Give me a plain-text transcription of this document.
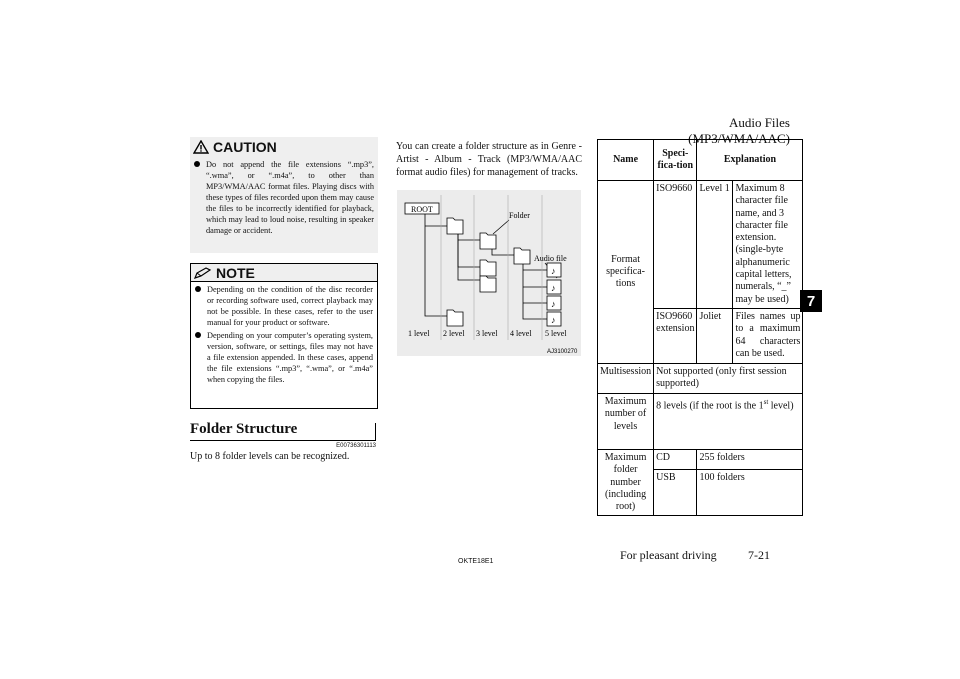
Audio Files (MP3/WMA/AAC)
7
CAUTION
Do not append the file extensions “.mp3”, “.wma”, or “.m4a”, to other than MP3/WMA/AAC format files. Playing discs with these types of files recorded upon them may cause the files to be incorrectly identified for playback, which may lead to loud noise, resulting in speaker damage or accident.
NOTE
Depending on the condition of the disc recorder or recording software used, correct playback may not be possible. In these cases, refer to the user manual for your product or software.
Depending on your computer’s operating system, version, software, or settings, files may not have a file extension appended. In these cases, append the file extensions “.mp3”, “.wma”, or “.m4a” when copying the files.
Folder Structure
E00736301113
Up to 8 folder levels can be recognized.
You can create a folder structure as in Genre - Artist - Album - Track (MP3/WMA/AAC format audio files) for management of tracks.
ROOT
Folder
Audio file
♪
♪
♪
♪
1 level 2 level 3 level 4 level 5 level
AJ3100270
Name	Speci-fica-tion	Explanation	
Format specifica-tions	ISO9660	Level 1	Maximum 8 character file name, and 3 character file extension. (single-byte alphanumeric capital letters, numerals, “_” may be used)
	ISO9660 extension	Joliet	Files names up to a maximum 64 characters can be used.
Multisession	Not supported (only first session supported)		
Maximum number of levels	8 levels (if the root is the 1st level)		
Maximum folder number (including root)	CD	255 folders	
	USB	100 folders	
OKTE18E1	For pleasant driving	7-21
